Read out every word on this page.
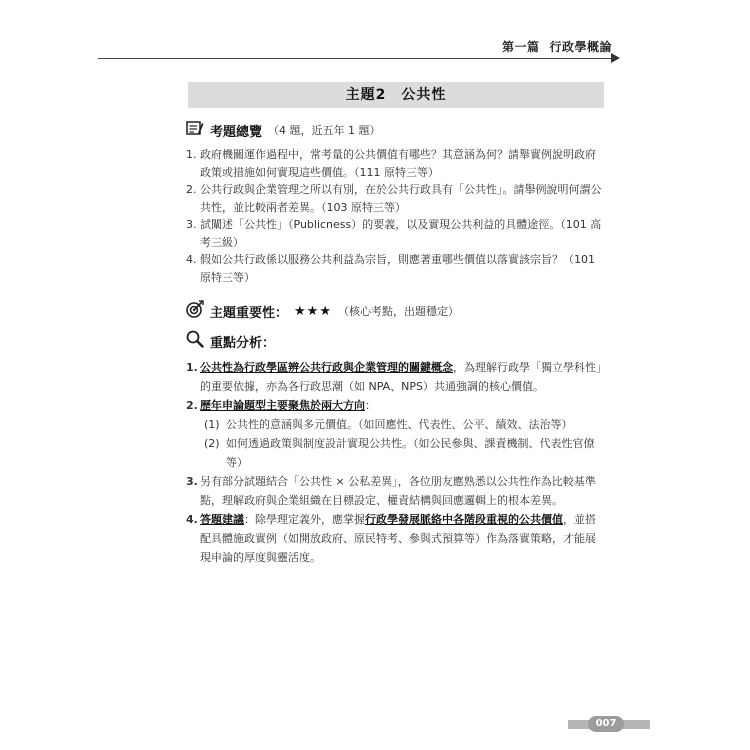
第一篇 行政學概論
主題2　公共性
考題總覽 （4 題，近五年 1 題）
1. 政府機關運作過程中，常考量的公共價值有哪些？其意涵為何？請舉實例說明政府政策或措施如何實現這些價值。（111 原特三等）
2. 公共行政與企業管理之所以有別，在於公共行政具有「公共性」。請舉例說明何謂公共性，並比較兩者差異。（103 原特三等）
3. 試闡述「公共性」（Publicness）的要義，以及實現公共利益的具體途徑。（101 高考三級）
4. 假如公共行政係以服務公共利益為宗旨，則應著重哪些價值以落實該宗旨？（101 原特三等）
主題重要性： ★★★ （核心考點，出題穩定）
重點分析：
1. 公共性為行政學區辨公共行政與企業管理的關鍵概念，為理解行政學「獨立學科性」的重要依據，亦為各行政思潮（如 NPA、NPS）共通強調的核心價值。
2. 歷年申論題型主要聚焦於兩大方向：
(1) 公共性的意涵與多元價值。（如回應性、代表性、公平、績效、法治等）
(2) 如何透過政策與制度設計實現公共性。（如公民參與、課責機制、代表性官僚等）
3. 另有部分試題結合「公共性 × 公私差異」，各位朋友應熟悉以公共性作為比較基準點，理解政府與企業組織在目標設定、權責結構與回應邏輯上的根本差異。
4. 答題建議：除學理定義外，應掌握行政學發展脈絡中各階段重視的公共價值，並搭配具體施政實例（如開放政府、原民特考、參與式預算等）作為落實策略，才能展現申論的厚度與靈活度。
007
